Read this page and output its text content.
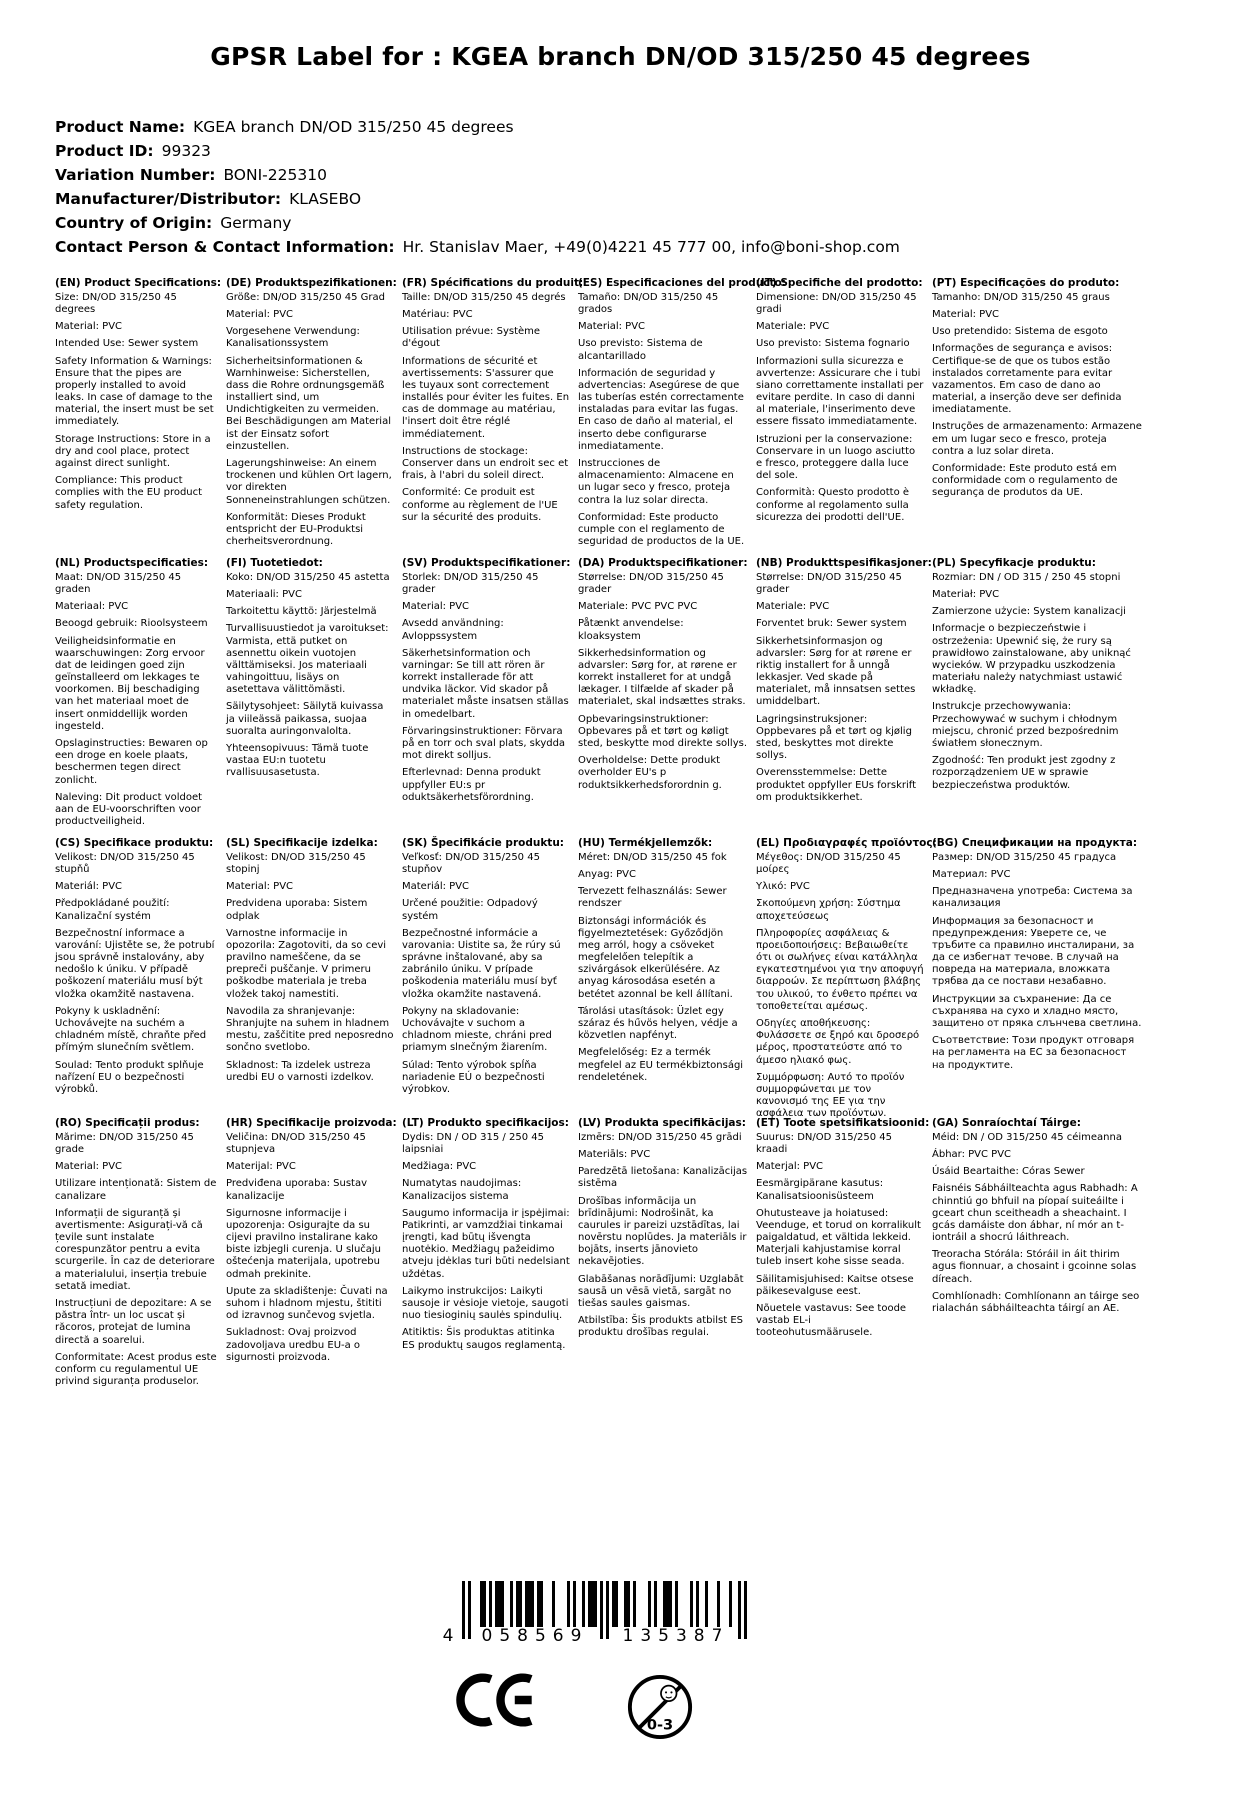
GPSR Label for : KGEA branch DN/OD 315/250 45 degrees
Product Name: KGEA branch DN/OD 315/250 45 degrees
Product ID: 99323
Variation Number: BONI-225310
Manufacturer/Distributor: KLASEBO
Country of Origin: Germany
Contact Person & Contact Information: Hr. Stanislav Maer, +49(0)4221 45 777 00, info@boni-shop.com
(EN) Product Specifications:

Size: DN/OD 315/250 45 degrees

Material: PVC

Intended Use: Sewer system

Safety Information & Warnings: Ensure that the pipes are properly installed to avoid leaks. In case of damage to the material, the insert must be set immediately.

Storage Instructions: Store in a dry and cool place, protect against direct sunlight.

Compliance: This product complies with the EU product safety regulation.

(DE) Produktspezifikationen:

Größe: DN/OD 315/250 45 Grad

Material: PVC

Vorgesehene Verwendung: Kanalisationssystem

Sicherheitsinformationen & Warnhinweise: Sicherstellen, dass die Rohre ordnungsgemäß installiert sind, um Undichtigkeiten zu vermeiden. Bei Beschädigungen am Material ist der Einsatz sofort einzustellen.

Lagerungshinweise: An einem trockenen und kühlen Ort lagern, vor direkten Sonneneinstrahlungen schützen.

Konformität: Dieses Produkt entspricht der EU-Produktsi cherheitsverordnung.

(FR) Spécifications du produit:

Taille: DN/OD 315/250 45 degrés

Matériau: PVC

Utilisation prévue: Système d'égout

Informations de sécurité et avertissements: S'assurer que les tuyaux sont correctement installés pour éviter les fuites. En cas de dommage au matériau, l'insert doit être réglé immédiatement.

Instructions de stockage: Conserver dans un endroit sec et frais, à l'abri du soleil direct.

Conformité: Ce produit est conforme au règlement de l'UE sur la sécurité des produits.

(ES) Especificaciones del producto:

Tamaño: DN/OD 315/250 45 grados

Material: PVC

Uso previsto: Sistema de alcantarillado

Información de seguridad y advertencias: Asegúrese de que las tuberías estén correctamente instaladas para evitar las fugas. En caso de daño al material, el inserto debe configurarse inmediatamente.

Instrucciones de almacenamiento: Almacene en un lugar seco y fresco, proteja contra la luz solar directa.

Conformidad: Este producto cumple con el reglamento de seguridad de productos de la UE.

(IT) Specifiche del prodotto:

Dimensione: DN/OD 315/250 45 gradi

Materiale: PVC

Uso previsto: Sistema fognario

Informazioni sulla sicurezza e avvertenze: Assicurare che i tubi siano correttamente installati per evitare perdite. In caso di danni al materiale, l'inserimento deve essere fissato immediatamente.

Istruzioni per la conservazione: Conservare in un luogo asciutto e fresco, proteggere dalla luce del sole.

Conformità: Questo prodotto è conforme al regolamento sulla sicurezza dei prodotti dell'UE.

(PT) Especificações do produto:

Tamanho: DN/OD 315/250 45 graus

Material: PVC

Uso pretendido: Sistema de esgoto

Informações de segurança e avisos: Certifique-se de que os tubos estão instalados corretamente para evitar vazamentos. Em caso de dano ao material, a inserção deve ser definida imediatamente.

Instruções de armazenamento: Armazene em um lugar seco e fresco, proteja contra a luz solar direta.

Conformidade: Este produto está em conformidade com o regulamento de segurança de produtos da UE.

(NL) Productspecificaties:

Maat: DN/OD 315/250 45 graden

Materiaal: PVC

Beoogd gebruik: Rioolsysteem

Veiligheidsinformatie en waarschuwingen: Zorg ervoor dat de leidingen goed zijn geïnstalleerd om lekkages te voorkomen. Bij beschadiging van het materiaal moet de insert onmiddellijk worden ingesteld.

Opslaginstructies: Bewaren op een droge en koele plaats, beschermen tegen direct zonlicht.

Naleving: Dit product voldoet aan de EU-voorschriften voor productveiligheid.

(FI) Tuotetiedot:

Koko: DN/OD 315/250 45 astetta

Materiaali: PVC

Tarkoitettu käyttö: Järjestelmä

Turvallisuustiedot ja varoitukset: Varmista, että putket on asennettu oikein vuotojen välttämiseksi. Jos materiaali vahingoittuu, lisäys on asetettava välittömästi.

Säilytysohjeet: Säilytä kuivassa ja viileässä paikassa, suojaa suoralta auringonvalolta.

Yhteensopivuus: Tämä tuote vastaa EU:n tuotetu rvallisuusasetusta.

(SV) Produktspecifikationer:

Storlek: DN/OD 315/250 45 grader

Material: PVC

Avsedd användning: Avloppssystem

Säkerhetsinformation och varningar: Se till att rören är korrekt installerade för att undvika läckor. Vid skador på materialet måste insatsen ställas in omedelbart.

Förvaringsinstruktioner: Förvara på en torr och sval plats, skydda mot direkt solljus.

Efterlevnad: Denna produkt uppfyller EU:s pr oduktsäkerhetsförordning.

(DA) Produktspecifikationer:

Størrelse: DN/OD 315/250 45 grader

Materiale: PVC PVC PVC

Påtænkt anvendelse: kloaksystem

Sikkerhedsinformation og advarsler: Sørg for, at rørene er korrekt installeret for at undgå lækager. I tilfælde af skader på materialet, skal indsættes straks.

Opbevaringsinstruktioner: Opbevares på et tørt og køligt sted, beskytte mod direkte sollys.

Overholdelse: Dette produkt overholder EU's p roduktsikkerhedsforordnin g.

(NB) Produkttspesifikasjoner:

Størrelse: DN/OD 315/250 45 grader

Materiale: PVC

Forventet bruk: Sewer system

Sikkerhetsinformasjon og advarsler: Sørg for at rørene er riktig installert for å unngå lekkasjer. Ved skade på materialet, må innsatsen settes umiddelbart.

Lagringsinstruksjoner: Oppbevares på et tørt og kjølig sted, beskyttes mot direkte sollys.

Overensstemmelse: Dette produktet oppfyller EUs forskrift om produktsikkerhet.

(PL) Specyfikacje produktu:

Rozmiar: DN / OD 315 / 250 45 stopni

Materiał: PVC

Zamierzone użycie: System kanalizacji

Informacje o bezpieczeństwie i ostrzeżenia: Upewnić się, że rury są prawidłowo zainstalowane, aby uniknąć wycieków. W przypadku uszkodzenia materiału należy natychmiast ustawić wkładkę.

Instrukcje przechowywania: Przechowywać w suchym i chłodnym miejscu, chronić przed bezpośrednim światłem słonecznym.

Zgodność: Ten produkt jest zgodny z rozporządzeniem UE w sprawie bezpieczeństwa produktów.

(CS) Specifikace produktu:

Velikost: DN/OD 315/250 45 stupňů

Materiál: PVC

Předpokládané použití: Kanalizační systém

Bezpečnostní informace a varování: Ujistěte se, že potrubí jsou správně instalovány, aby nedošlo k úniku. V případě poškození materiálu musí být vložka okamžitě nastavena.

Pokyny k uskladnění: Uchovávejte na suchém a chladném místě, chraňte před přímým slunečním světlem.

Soulad: Tento produkt splňuje nařízení EU o bezpečnosti výrobků.

(SL) Specifikacije izdelka:

Velikost: DN/OD 315/250 45 stopinj

Material: PVC

Predvidena uporaba: Sistem odplak

Varnostne informacije in opozorila: Zagotoviti, da so cevi pravilno nameščene, da se prepreči puščanje. V primeru poškodbe materiala je treba vložek takoj namestiti.

Navodila za shranjevanje: Shranjujte na suhem in hladnem mestu, zaščitite pred neposredno sončno svetlobo.

Skladnost: Ta izdelek ustreza uredbi EU o varnosti izdelkov.

(SK) Špecifikácie produktu:

Veľkosť: DN/OD 315/250 45 stupňov

Materiál: PVC

Určené použitie: Odpadový systém

Bezpečnostné informácie a varovania: Uistite sa, že rúry sú správne inštalované, aby sa zabránilo úniku. V prípade poškodenia materiálu musí byť vložka okamžite nastavená.

Pokyny na skladovanie: Uchovávajte v suchom a chladnom mieste, chráni pred priamym slnečným žiarením.

Súlad: Tento výrobok spĺňa nariadenie EÚ o bezpečnosti výrobkov.

(HU) Termékjellemzők:

Méret: DN/OD 315/250 45 fok

Anyag: PVC

Tervezett felhasználás: Sewer rendszer

Biztonsági információk és figyelmeztetések: Győződjön meg arról, hogy a csöveket megfelelően telepítik a szivárgások elkerülésére. Az anyag károsodása esetén a betétet azonnal be kell állítani.

Tárolási utasítások: Üzlet egy száraz és hűvös helyen, védje a közvetlen napfényt.

Megfelelőség: Ez a termék megfelel az EU termékbiztonsági rendeletének.

(EL) Προδιαγραφές προϊόντος:

Μέγεθος: DN/OD 315/250 45 μοίρες

Υλικό: PVC

Σκοπούμενη χρήση: Σύστημα αποχετεύσεως

Πληροφορίες ασφάλειας & προειδοποιήσεις: Βεβαιωθείτε ότι οι σωλήνες είναι κατάλληλα εγκατεστημένοι για την αποφυγή διαρροών. Σε περίπτωση βλάβης του υλικού, το ένθετο πρέπει να τοποθετείται αμέσως.

Οδηγίες αποθήκευσης: Φυλάσσετε σε ξηρό και δροσερό μέρος, προστατεύστε από το άμεσο ηλιακό φως.

Συμμόρφωση: Αυτό το προϊόν συμμορφώνεται με τον κανονισμό της ΕΕ για την ασφάλεια των προϊόντων.

(BG) Спецификации на продукта:

Размер: DN/OD 315/250 45 градуса

Материал: PVC

Предназначена употреба: Система за канализация

Информация за безопасност и предупреждения: Уверете се, че тръбите са правилно инсталирани, за да се избегнат течове. В случай на повреда на материала, вложката трябва да се постави незабавно.

Инструкции за съхранение: Да се съхранява на сухо и хладно място, защитено от пряка слънчева светлина.

Съответствие: Този продукт отговаря на регламента на ЕС за безопасност на продуктите.

(RO) Specificații produs:

Mărime: DN/OD 315/250 45 grade

Material: PVC

Utilizare intenționată: Sistem de canalizare

Informații de siguranță și avertismente: Asigurați-vă că țevile sunt instalate corespunzător pentru a evita scurgerile. În caz de deteriorare a materialului, inserția trebuie setată imediat.

Instrucțiuni de depozitare: A se păstra într- un loc uscat și răcoros, protejat de lumina directă a soarelui.

Conformitate: Acest produs este conform cu regulamentul UE privind siguranța produselor.

(HR) Specifikacije proizvoda:

Veličina: DN/OD 315/250 45 stupnjeva

Materijal: PVC

Predviđena uporaba: Sustav kanalizacije

Sigurnosne informacije i upozorenja: Osigurajte da su cijevi pravilno instalirane kako biste izbjegli curenja. U slučaju oštećenja materijala, upotrebu odmah prekinite.

Upute za skladištenje: Čuvati na suhom i hladnom mjestu, štititi od izravnog sunčevog svjetla.

Sukladnost: Ovaj proizvod zadovoljava uredbu EU-a o sigurnosti proizvoda.

(LT) Produkto specifikacijos:

Dydis: DN / OD 315 / 250 45 laipsniai

Medžiaga: PVC

Numatytas naudojimas: Kanalizacijos sistema

Saugumo informacija ir įspėjimai: Patikrinti, ar vamzdžiai tinkamai įrengti, kad būtų išvengta nuotėkio. Medžiagų pažeidimo atveju įdėklas turi būti nedelsiant uždėtas.

Laikymo instrukcijos: Laikyti sausoje ir vėsioje vietoje, saugoti nuo tiesioginių saulės spindulių.

Atitiktis: Šis produktas atitinka ES produktų saugos reglamentą.

(LV) Produkta specifikācijas:

Izmērs: DN/OD 315/250 45 grādi

Materiāls: PVC

Paredzētā lietošana: Kanalizācijas sistēma

Drošības informācija un brīdinājumi: Nodrošināt, ka caurules ir pareizi uzstādītas, lai novērstu noplūdes. Ja materiāls ir bojāts, inserts jānovieto nekavējoties.

Glabāšanas norādījumi: Uzglabāt sausā un vēsā vietā, sargāt no tiešas saules gaismas.

Atbilstība: Šis produkts atbilst ES produktu drošības regulai.

(ET) Toote spetsifikatsioonid:

Suurus: DN/OD 315/250 45 kraadi

Materjal: PVC

Eesmärgipärane kasutus: Kanalisatsioonisüsteem

Ohutusteave ja hoiatused: Veenduge, et torud on korralikult paigaldatud, et vältida lekkeid. Materjali kahjustamise korral tuleb insert kohe sisse seada.

Säilitamisjuhised: Kaitse otsese päikesevalguse eest.

Nõuetele vastavus: See toode vastab EL-i tooteohutusmäärusele.

(GA) Sonraíochtaí Táirge:

Méid: DN / OD 315/250 45 céimeanna

Ábhar: PVC PVC

Úsáid Beartaithe: Córas Sewer

Faisnéis Sábháilteachta agus Rabhadh: A chinntiú go bhfuil na píopaí suiteáilte i gceart chun sceitheadh a sheachaint. I gcás damáiste don ábhar, ní mór an t-iontráil a shocrú láithreach.

Treoracha Stórála: Stóráil in áit thirim agus fionnuar, a chosaint i gcoinne solas díreach.

Comhlíonadh: Comhlíonann an táirge seo rialachán sábháilteachta táirgí an AE.

4	058569	135387
0-3
